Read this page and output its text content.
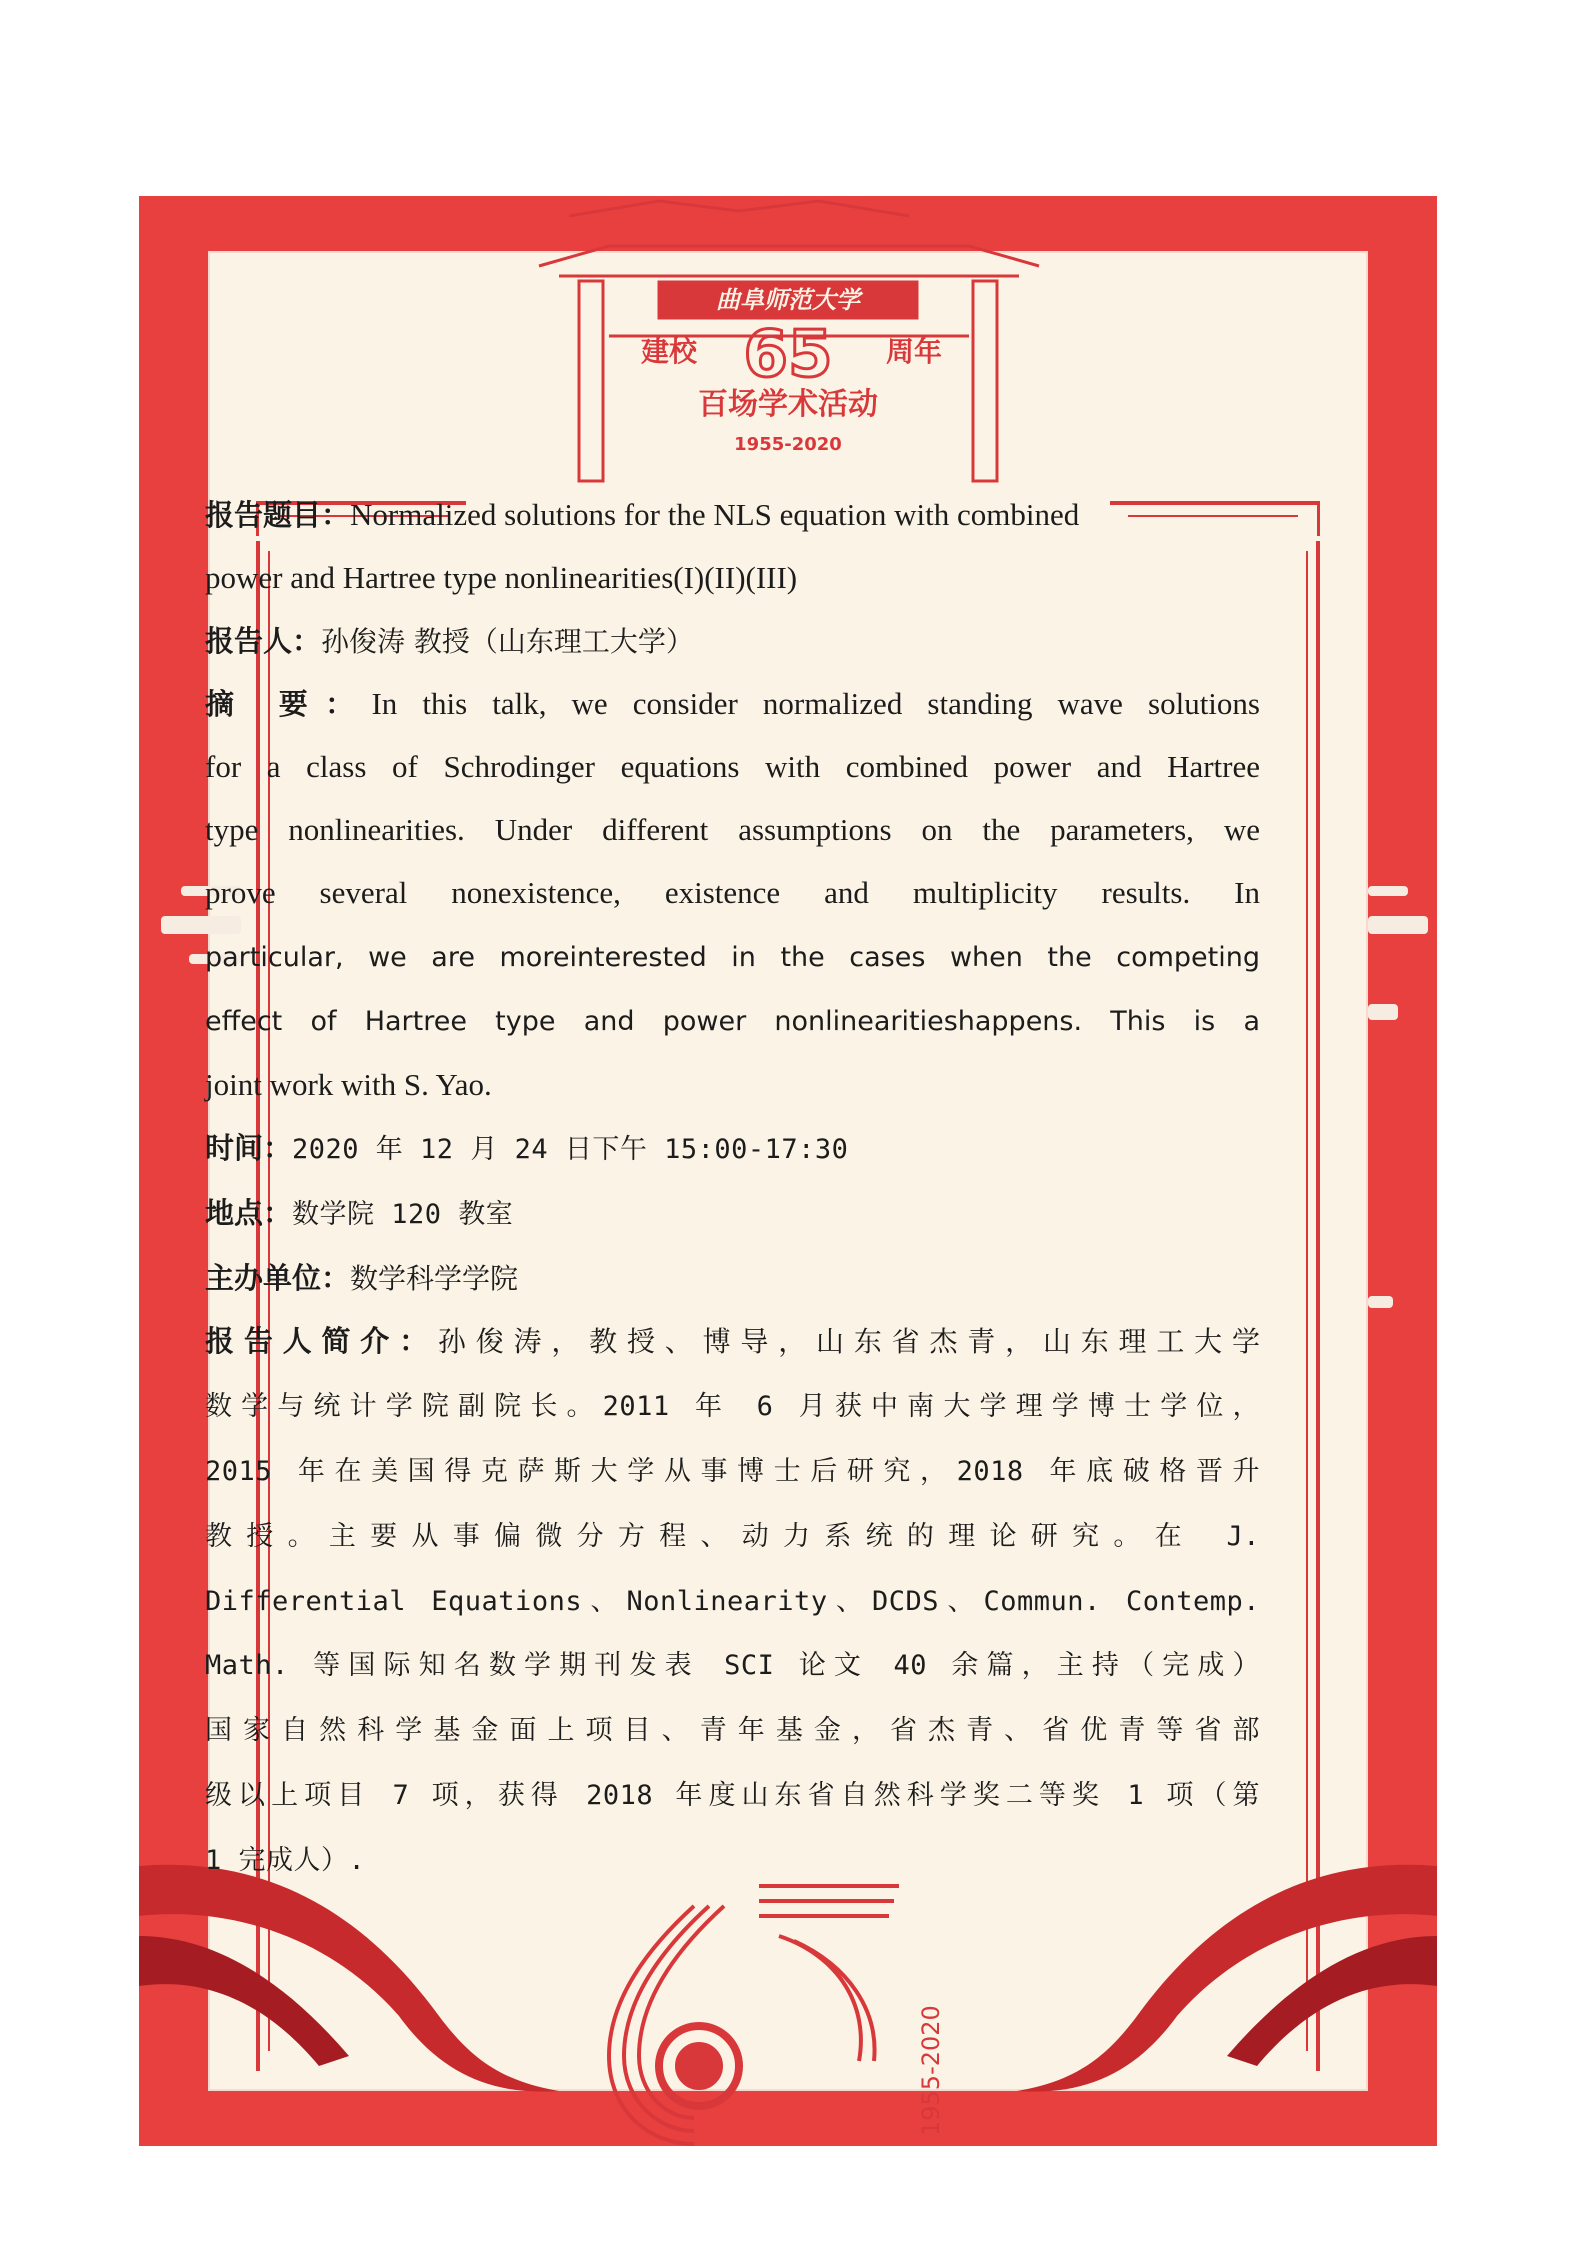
曲阜师范大学
建校 65 周年
百场学术活动
1955-2020
1955-2020

报告题目：Normalized solutions for the NLS equation with combined

power and Hartree type nonlinearities(I)(II)(III)

报告人：孙俊涛 教授（山东理工大学）

摘 要：In this talk, we consider normalized standing wave solutions

for a class of Schrodinger equations with combined power and Hartree

type nonlinearities. Under different assumptions on the parameters, we

prove several nonexistence, existence and multiplicity results. In

particular, we are moreinterested in the cases when the competing

effect of Hartree type and power nonlinearitieshappens. This is a

joint work with S. Yao.

时间：2020 年 12 月 24 日下午 15:00-17:30

地点：数学院 120 教室

主办单位：数学科学学院

报告人简介：孙俊涛，教授、博导，山东省杰青，山东理工大学

数学与统计学院副院长。2011 年 6 月获中南大学理学博士学位，

2015 年在美国得克萨斯大学从事博士后研究，2018 年底破格晋升

教授。主要从事偏微分方程、动力系统的理论研究。在 J.

Differential Equations、Nonlinearity、DCDS、Commun. Contemp.

Math. 等国际知名数学期刊发表 SCI 论文 40 余篇，主持（完成）

国家自然科学基金面上项目、青年基金，省杰青、省优青等省部

级以上项目 7 项，获得 2018 年度山东省自然科学奖二等奖 1 项（第

1 完成人）.
